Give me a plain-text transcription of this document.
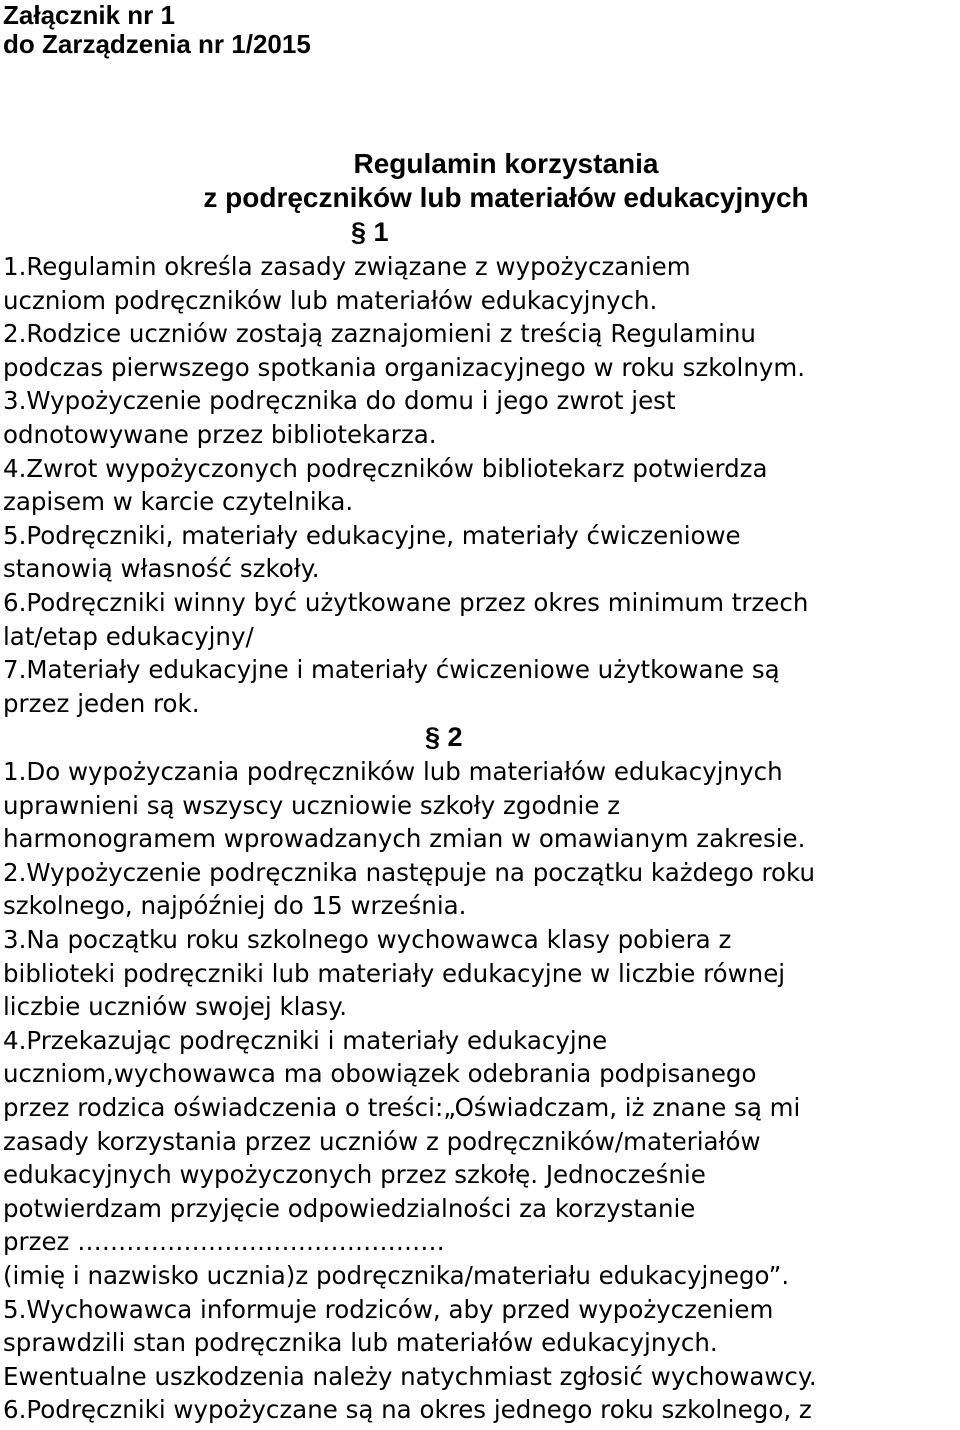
Załącznik nr 1
do Zarządzenia nr 1/2015
Regulamin korzystania
z podręczników lub materiałów edukacyjnych
§ 1
1.Regulamin określa zasady związane z wypożyczaniem
uczniom podręczników lub materiałów edukacyjnych.
2.Rodzice uczniów zostają zaznajomieni z treścią Regulaminu
podczas pierwszego spotkania organizacyjnego w roku szkolnym.
3.Wypożyczenie podręcznika do domu i jego zwrot jest
odnotowywane przez bibliotekarza.
4.Zwrot wypożyczonych podręczników bibliotekarz potwierdza
zapisem w karcie czytelnika.
5.Podręczniki, materiały edukacyjne, materiały ćwiczeniowe
stanowią własność szkoły.
6.Podręczniki winny być użytkowane przez okres minimum trzech
lat/etap edukacyjny/
7.Materiały edukacyjne i materiały ćwiczeniowe użytkowane są
przez jeden rok.
§ 2
1.Do wypożyczania podręczników lub materiałów edukacyjnych
uprawnieni są wszyscy uczniowie szkoły zgodnie z
harmonogramem wprowadzanych zmian w omawianym zakresie.
2.Wypożyczenie podręcznika następuje na początku każdego roku
szkolnego, najpóźniej do 15 września.
3.Na początku roku szkolnego wychowawca klasy pobiera z
biblioteki podręczniki lub materiały edukacyjne w liczbie równej
liczbie uczniów swojej klasy.
4.Przekazując podręczniki i materiały edukacyjne
uczniom,wychowawca ma obowiązek odebrania podpisanego
przez rodzica oświadczenia o treści:„Oświadczam, iż znane są mi
zasady korzystania przez uczniów z podręczników/materiałów
edukacyjnych wypożyczonych przez szkołę. Jednocześnie
potwierdzam przyjęcie odpowiedzialności za korzystanie
przez ………………………………………
(imię i nazwisko ucznia)z podręcznika/materiału edukacyjnego”.
5.Wychowawca informuje rodziców, aby przed wypożyczeniem
sprawdzili stan podręcznika lub materiałów edukacyjnych.
Ewentualne uszkodzenia należy natychmiast zgłosić wychowawcy.
6.Podręczniki wypożyczane są na okres jednego roku szkolnego, z
